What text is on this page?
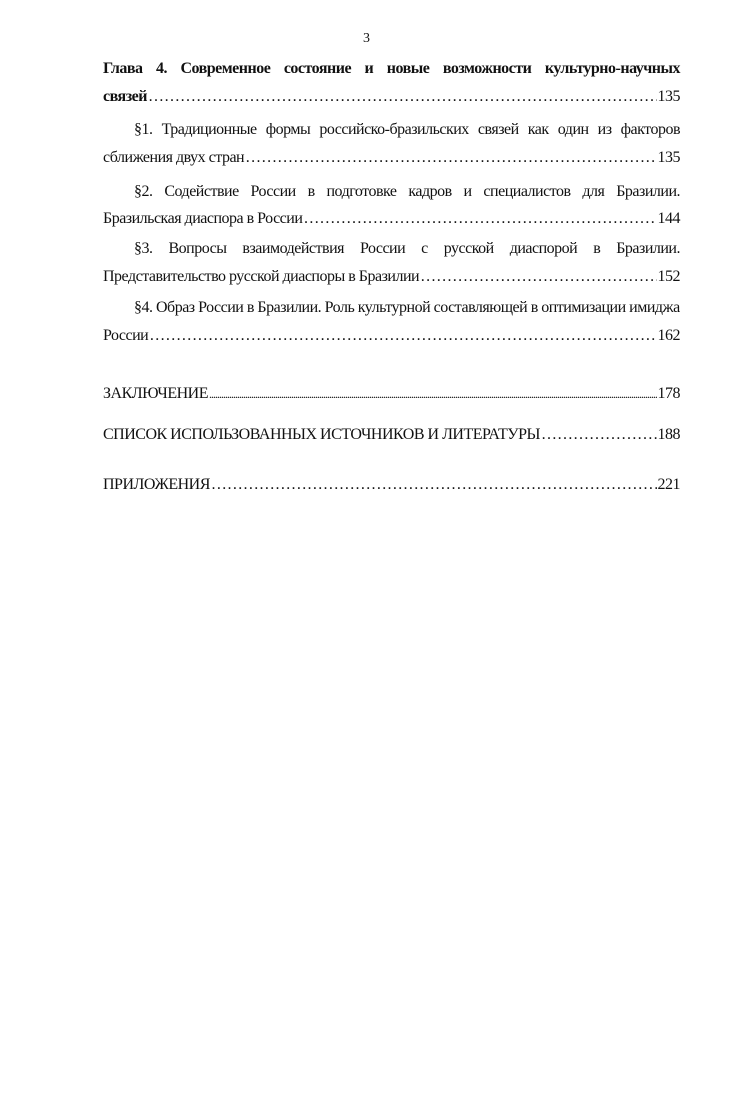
3
Глава 4. Современное состояние и новые возможности культурно-научных
связей ……………………………………………………………………………………………………………………………………	135
§1. Традиционные формы российско-бразильских связей как один из факторов
сближения двух стран ……………………………………………………………………………………………………………………………………	135
§2. Содействие России в подготовке кадров и специалистов для Бразилии.
Бразильская диаспора в России ……………………………………………………………………………………………………………………………………	144
§3. Вопросы взаимодействия России с русской диаспорой в Бразилии.
Представительство русской диаспоры в Бразилии ……………………………………………………………………………………………………………………………………	152
§4. Образ России в Бразилии. Роль культурной составляющей в оптимизации имиджа
России ……………………………………………………………………………………………………………………………………	162
ЗАКЛЮЧЕНИЕ .....	178
СПИСОК ИСПОЛЬЗОВАННЫХ ИСТОЧНИКОВ И ЛИТЕРАТУРЫ ……………………………………………………………………………………………………………………………………	188
ПРИЛОЖЕНИЯ ……………………………………………………………………………………………………………………………………	221
